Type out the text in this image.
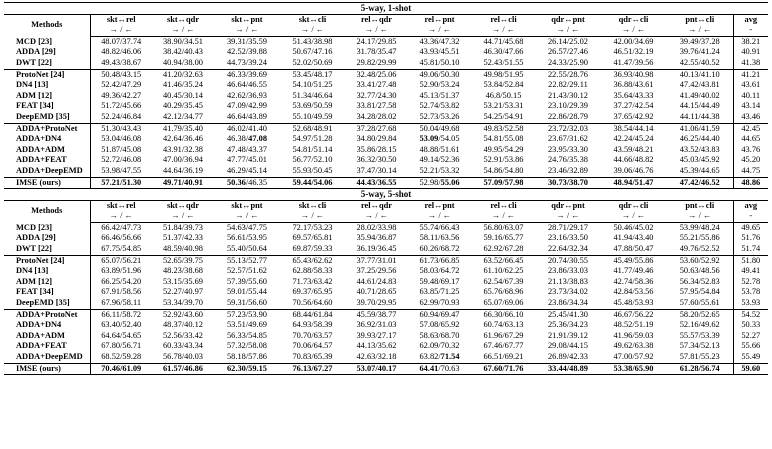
5-way, 1-shot											
Methods	skt↔rel	skt↔qdr	skt↔pnt	skt↔cli	rel↔qdr	rel↔pnt	rel↔cli	qdr↔pnt	qdr↔cli	pnt↔cli	avg
	→ / ←	→ / ←	→ / ←	→ / ←	→ / ←	→ / ←	→ / ←	→ / ←	→ / ←	→ / ←	-
MCD [23]	48.07/37.74	38.90/34.51	39.31/35.59	51.43/38.98	24.17/29.85	43.36/47.32	44.71/45.68	26.14/25.02	42.00/34.69	39.49/37.28	38.21
ADDA [29]	48.82/46.06	38.42/40.43	42.52/39.88	50.67/47.16	31.78/35.47	43.93/45.51	46.30/47.66	26.57/27.46	46.51/32.19	39.76/41.24	40.91
DWT [22]	49.43/38.67	40.94/38.00	44.73/39.24	52.02/50.69	29.82/29.99	45.81/50.10	52.43/51.55	24.33/25.90	41.47/39.56	42.55/40.52	41.38
ProtoNet [24]	50.48/43.15	41.20/32.63	46.33/39.69	53.45/48.17	32.48/25.06	49.06/50.30	49.98/51.95	22.55/28.76	36.93/40.98	40.13/41.10	41.21
DN4 [13]	52.42/47.29	41.46/35.24	46.64/46.55	54.10/51.25	33.41/27.48	52.90/53.24	53.84/52.84	22.82/29.11	36.88/43.61	47.42/43.81	43.61
ADM [12]	49.36/42.27	40.45/30.14	42.62/36.93	51.34/46.64	32.77/24.30	45.13/51.37	46.8/50.15	21.43/30.12	35.64/43.33	41.49/40.02	40.11
FEAT [34]	51.72/45.66	40.29/35.45	47.09/42.99	53.69/50.59	33.81/27.58	52.74/53.82	53.21/53.31	23.10/29.39	37.27/42.54	44.15/44.49	43.14
DeepEMD [35]	52.24/46.84	42.12/34.77	46.64/43.89	55.10/49.59	34.28/28.02	52.73/53.26	54.25/54.91	22.86/28.79	37.65/42.92	44.11/44.38	43.46
ADDA+ProtoNet	51.30/43.43	41.79/35.40	46.02/41.40	52.68/48.91	37.28/27.68	50.04/49.68	49.83/52.58	23.72/32.03	38.54/44.14	41.06/41.59	42.45
ADDA+DN4	53.04/46.08	42.64/36.46	46.38/47.08	54.97/51.28	34.80/29.84	53.09/54.05	54.81/55.08	23.67/31.62	42.24/45.24	46.25/44.40	44.65
ADDA+ADM	51.87/45.08	43.91/32.38	47.48/43.37	54.81/51.14	35.86/28.15	48.88/51.61	49.95/54.29	23.95/33.30	43.59/48.21	43.52/43.83	43.76
ADDA+FEAT	52.72/46.08	47.00/36.94	47.77/45.01	56.77/52.10	36.32/30.50	49.14/52.36	52.91/53.86	24.76/35.38	44.66/48.82	45.03/45.92	45.20
ADDA+DeepEMD	53.98/47.55	44.64/36.19	46.29/45.14	55.93/50.45	37.47/30.14	52.21/53.32	54.86/54.80	23.46/32.89	39.06/46.76	45.39/44.65	44.75
IMSE (ours)	57.21/51.30	49.71/40.91	50.36/46.35	59.44/54.06	44.43/36.55	52.98/55.06	57.09/57.98	30.73/38.70	48.94/51.47	47.42/46.52	48.86
5-way, 5-shot											
Methods	skt↔rel	skt↔qdr	skt↔pnt	skt↔cli	rel↔qdr	rel↔pnt	rel↔cli	qdr↔pnt	qdr↔cli	pnt↔cli	avg
	→ / ←	→ / ←	→ / ←	→ / ←	→ / ←	→ / ←	→ / ←	→ / ←	→ / ←	→ / ←	-
MCD [23]	66.42/47.73	51.84/39.73	54.63/47.75	72.17/53.23	28.02/33.98	55.74/66.43	56.80/63.07	28.71/29.17	50.46/45.02	53.99/48.24	49.65
ADDA [29]	66.46/56.66	51.37/42.33	56.61/53.95	69.57/65.81	35.94/36.87	58.11/63.56	59.16/65.77	23.16/33.50	41.94/43.40	55.21/55.86	51.76
DWT [22]	67.75/54.85	48.59/40.98	55.40/50.64	69.87/59.33	36.19/36.45	60.26/68.72	62.92/67.28	22.64/32.34	47.88/50.47	49.76/52.52	51.74
ProtoNet [24]	65.07/56.21	52.65/39.75	55.13/52.77	65.43/62.62	37.77/31.01	61.73/66.85	63.52/66.45	20.74/30.55	45.49/55.86	53.60/52.92	51.80
DN4 [13]	63.89/51.96	48.23/38.68	52.57/51.62	62.88/58.33	37.25/29.56	58.03/64.72	61.10/62.25	23.86/33.03	41.77/49.46	50.63/48.56	49.41
ADM [12]	66.25/54.20	53.15/35.69	57.39/55.60	71.73/63.42	44.61/24.83	59.48/69.17	62.54/67.39	21.13/38.83	42.74/58.36	56.34/52.83	52.78
FEAT [34]	67.91/58.56	52.27/40.97	59.01/55.44	69.37/65.95	40.71/28.65	63.85/71.25	65.76/68.96	23.73/34.02	42.84/53.56	57.95/54.84	53.78
DeepEMD [35]	67.96/58.11	53.34/39.70	59.31/56.60	70.56/64.60	39.70/29.95	62.99/70.93	65.07/69.06	23.86/34.34	45.48/53.93	57.60/55.61	53.93
ADDA+ProtoNet	66.11/58.72	52.92/43.60	57.23/53.90	68.44/61.84	45.59/38.77	60.94/69.47	66.30/66.10	25.45/41.30	46.67/56.22	58.20/52.65	54.52
ADDA+DN4	63.40/52.40	48.37/40.12	53.51/49.69	64.93/58.39	36.92/31.03	57.08/65.92	60.74/63.13	25.36/34.23	48.52/51.19	52.16/49.62	50.33
ADDA+ADM	64.64/54.65	52.56/33.42	56.33/54.85	70.70/63.57	39.93/27.17	58.63/68.70	61.96/67.29	21.91/39.12	41.96/59.03	55.57/53.39	52.27
ADDA+FEAT	67.80/56.71	60.33/43.34	57.32/58.08	70.06/64.57	44.13/35.62	62.09/70.32	67.46/67.77	29.08/44.15	49.62/63.38	57.34/52.13	55.66
ADDA+DeepEMD	68.52/59.28	56.78/40.03	58.18/57.86	70.83/65.39	42.63/32.18	63.82/71.54	66.51/69.21	26.89/42.33	47.00/57.92	57.81/55.23	55.49
IMSE (ours)	70.46/61.09	61.57/46.86	62.30/59.15	76.13/67.27	53.07/40.17	64.41/70.63	67.60/71.76	33.44/48.89	53.38/65.90	61.28/56.74	59.60
